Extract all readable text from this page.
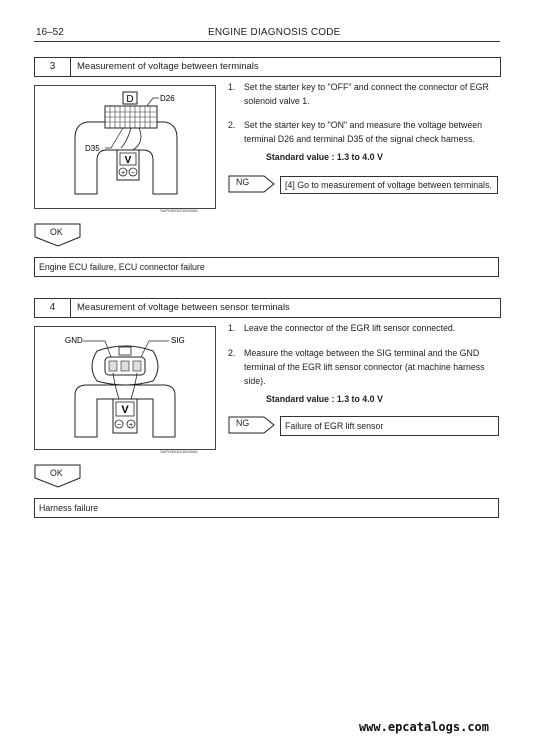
16–52	ENGINE DIAGNOSIS CODE
3	Measurement of voltage between terminals
D	D26
D35
V
+ −
SAPH300021600065
1. Set the starter key to "OFF" and connect the connector of EGR
solenoid valve 1.
2. Set the starter key to "ON" and measure the voltage between
terminal D26 and terminal D35 of the signal check harness.
Standard value : 1.3 to 4.0 V
NG	[4] Go to measurement of voltage between terminals.
OK
Engine ECU failure, ECU connector failure
4	Measurement of voltage between sensor terminals
GND	SIG
V
− +
SAPH300021600066
1. Leave the connector of the EGR lift sensor connected.
2. Measure the voltage between the SIG terminal and the GND
terminal of the EGR lift sensor connector (at machine harness
side).
Standard value : 1.3 to 4.0 V
NG	Failure of EGR lift sensor
OK
Harness failure
www.epcatalogs.com
